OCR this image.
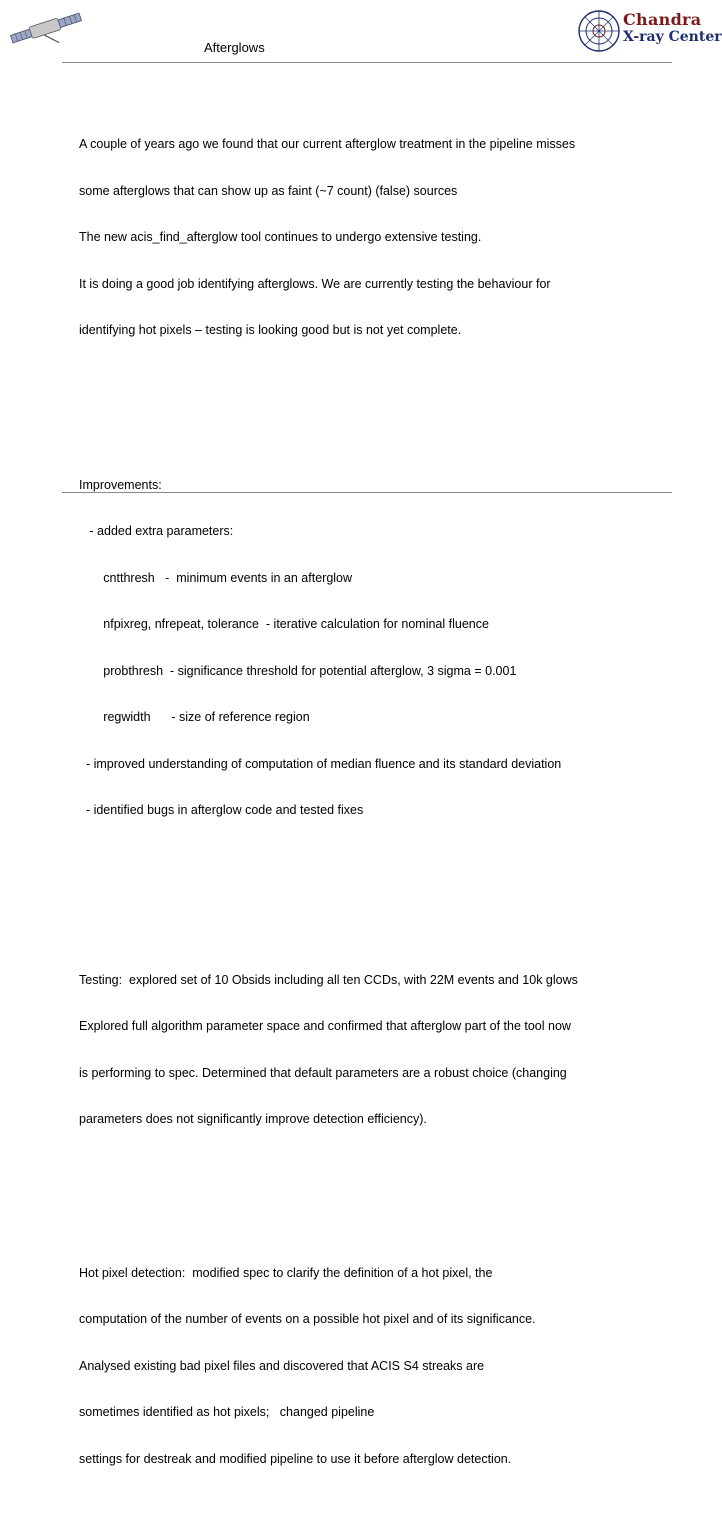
Afterglows
Chandra
X-ray Center

A couple of years ago we found that our current afterglow treatment in the pipeline misses

some afterglows that can show up as faint (~7 count) (false) sources

The new acis_find_afterglow tool continues to undergo extensive testing.

It is doing a good job identifying afterglows. We are currently testing the behaviour for

identifying hot pixels – testing is looking good but is not yet complete.

Improvements:

- added extra parameters:

cntthresh   -  minimum events in an afterglow

nfpixreg, nfrepeat, tolerance  - iterative calculation for nominal fluence

probthresh  - significance threshold for potential afterglow, 3 sigma = 0.001

regwidth      - size of reference region

- improved understanding of computation of median fluence and its standard deviation

- identified bugs in afterglow code and tested fixes

Testing:  explored set of 10 Obsids including all ten CCDs, with 22M events and 10k glows

Explored full algorithm parameter space and confirmed that afterglow part of the tool now

is performing to spec. Determined that default parameters are a robust choice (changing

parameters does not significantly improve detection efficiency).

Hot pixel detection:  modified spec to clarify the definition of a hot pixel, the

computation of the number of events on a possible hot pixel and of its significance.

Analysed existing bad pixel files and discovered that ACIS S4 streaks are

sometimes identified as hot pixels;   changed pipeline

settings for destreak and modified pipeline to use it before afterglow detection.
